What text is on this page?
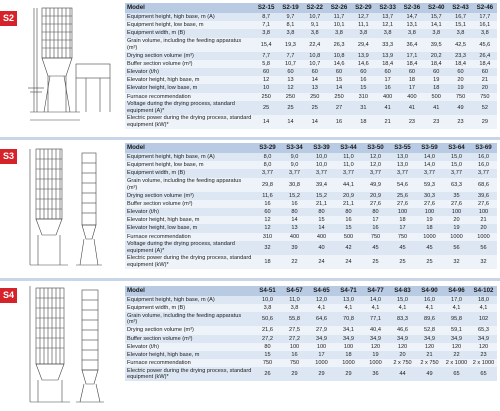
S2
Model	S2-15	S2-19	S2-22	S2-26	S2-29	S2-33	S2-36	S2-40	S2-43	S2-46
Equipment height, high base, m (A)	8,7	9,7	10,7	11,7	12,7	13,7	14,7	15,7	16,7	17,7
Equipment height, low base, m	7,1	8,1	9,1	10,1	11,1	12,1	13,1	14,1	15,1	16,1
Equipment width, m (B)	3,8	3,8	3,8	3,8	3,8	3,8	3,8	3,8	3,8	3,8
Grain volume, including the feeding apparatus (m³)	15,4	19,3	22,4	26,3	29,4	33,3	36,4	39,5	42,5	45,6
Drying section volume (m³)	7,7	7,7	10,8	10,8	13,9	13,9	17,1	20,2	23,3	26,4
Buffer section volume (m³)	5,8	10,7	10,7	14,6	14,6	18,4	18,4	18,4	18,4	18,4
Elevator (t/h)	60	60	60	60	60	60	60	60	60	60
Elevator height, high base, m	12	13	14	15	16	17	18	19	20	21
Elevator height, low base, m	10	12	13	14	15	16	17	18	19	20
Furnace recommendation	250	250	250	250	310	400	400	500	750	750
Voltage during the drying process, standard equipment (A)*	25	25	25	27	31	41	41	41	49	52
Electric power during the drying process, standard equipment (kW)*	14	14	14	16	18	21	23	23	23	29
S3
Model	S3-29	S3-34	S3-39	S3-44	S3-50	S3-55	S3-59	S3-64	S3-69
Equipment height, high base, m (A)	8,0	9,0	10,0	11,0	12,0	13,0	14,0	15,0	16,0
Equipment height, low base, m	8,0	9,0	10,0	11,0	12,0	13,0	14,0	15,0	16,0
Equipment width, m (B)	3,77	3,77	3,77	3,77	3,77	3,77	3,77	3,77	3,77
Grain volume, including the feeding apparatus (m³)	29,8	30,8	39,4	44,1	49,9	54,6	59,3	63,3	68,6
Drying section volume (m³)	11,6	15,2	15,2	20,9	20,9	25,6	30,3	35	39,6
Buffer section volume (m³)	16	16	21,1	21,1	27,6	27,6	27,6	27,6	27,6
Elevator (t/h)	60	80	80	80	80	100	100	100	100
Elevator height, high base, m	12	14	15	16	17	18	19	20	21
Elevator height, low base, m	12	13	14	15	16	17	18	19	20
Furnace recommendation	310	400	400	500	750	750	1000	1000	1000
Voltage during the drying process, standard equipment (A)*	32	39	40	42	45	45	45	56	56
Electric power during the drying process, standard equipment (kW)*	18	22	24	24	25	25	25	32	32
S4	Model	S4-51	S4-57	S4-65	S4-71	S4-77	S4-83	S4-90	S4-96	S4-102
Equipment height, high base, m (A)	10,0	11,0	12,0	13,0	14,0	15,0	16,0	17,0	18,0
Equipment width, m (B)	3,8	3,8	4,1	4,1	4,1	4,1	4,1	4,1	4,1
Grain volume, including the feeding apparatus (m³)	50,6	55,8	64,6	70,8	77,1	83,3	89,6	95,8	102
Drying section volume (m³)	21,6	27,5	27,9	34,1	40,4	46,6	52,8	59,1	65,3
Buffer section volume (m³)	27,2	27,2	34,9	34,9	34,9	34,9	34,9	34,9	34,9
Elevator (t/h)	80	100	100	100	120	120	120	120	120
Elevator height, high base, m	15	16	17	18	19	20	21	22	23
Furnace recommendation	750	750	1000	1000	1000	2 x 750	2 x 750	2 x 1000	2 x 1000
Electric power during the drying process, standard equipment (kW)*	26	29	29	29	36	44	49	65	65
